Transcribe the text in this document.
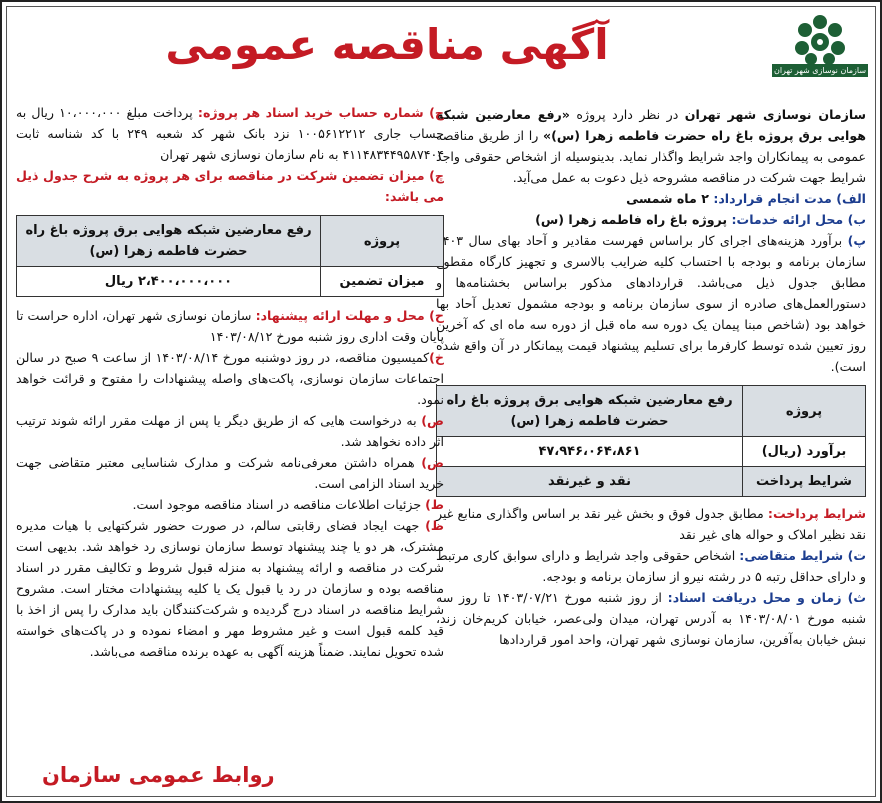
سازمان نوسازی شهر تهران
آگهی مناقصه عمومی

سازمان نوسازی شهر تهران در نظر دارد پروژه «رفع معارضین شبکه هوایی برق پروژه باغ راه حضرت فاطمه زهرا (س)» را از طریق مناقصه عمومی به پیمانکاران واجد شرایط واگذار نماید. بدینوسیله از اشخاص حقوقی واجد شرایط جهت شرکت در مناقصه مشروحه ذیل دعوت به عمل می‌آید.

الف) مدت انجام قرارداد: ۲ ماه شمسی

ب) محل ارائه خدمات: پروژه باغ راه فاطمه زهرا (س)

پ) برآورد هزینه‌های اجرای کار براساس فهرست مقادیر و آحاد بهای سال ۱۴۰۳ سازمان برنامه و بودجه با احتساب کلیه ضرایب بالاسری و تجهیز کارگاه مقطوع مطابق جدول ذیل می‌باشد. قراردادهای مذکور براساس بخشنامه‌ها و دستورالعمل‌های صادره از سوی سازمان برنامه و بودجه مشمول تعدیل آحاد بها خواهد بود (شاخص مبنا پیمان یک دوره سه ماه قبل از دوره سه ماه ای که آخرین روز تعیین شده توسط کارفرما برای تسلیم پیشنهاد قیمت پیمانکار در آن واقع شده است).

پروژه	رفع معارضین شبکه هوایی برق پروژه باغ راه حضرت فاطمه زهرا (س)
برآورد (ریال)	۴۷،۹۴۶،۰۶۴،۸۶۱
شرایط پرداخت	نقد و غیرنقد

شرایط پرداخت: مطابق جدول فوق و بخش غیر نقد بر اساس واگذاری منابع غیر نقد نظیر املاک و حواله های غیر نقد

ت) شرایط متقاضی: اشخاص حقوقی واجد شرایط و دارای سوابق کاری مرتبط و دارای حداقل رتبه ۵ در رشته نیرو از سازمان برنامه و بودجه.

ث) زمان و محل دریافت اسناد: از روز شنبه مورخ ۱۴۰۳/۰۷/۲۱ تا روز سه شنبه مورخ ۱۴۰۳/۰۸/۰۱ به آدرس تهران، میدان ولی‌عصر، خیابان کریم‌خان زند، نبش خیابان به‌آفرین، سازمان نوسازی شهر تهران، واحد امور قراردادها

ج) شماره حساب خرید اسناد هر پروژه: پرداخت مبلغ ۱۰،۰۰۰،۰۰۰ ریال به حساب جاری ۱۰۰۵۶۱۲۲۱۲ نزد بانک شهر کد شعبه ۲۴۹ با کد شناسه ثابت ۴۱۱۴۸۳۴۴۹۵۸۷۴۰۴ به نام سازمان نوسازی شهر تهران

چ) میزان تضمین شرکت در مناقصه برای هر پروژه به شرح جدول ذیل می باشد:

پروژه	رفع معارضین شبکه هوایی برق پروژه باغ راه حضرت فاطمه زهرا (س)
میزان تضمین	۲،۴۰۰،۰۰۰،۰۰۰ ریال

ح) محل و مهلت ارائه پیشنهاد: سازمان نوسازی شهر تهران، اداره حراست تا پایان وقت اداری روز شنبه مورخ ۱۴۰۳/۰۸/۱۲

خ)کمیسیون مناقصه، در روز دوشنبه مورخ ۱۴۰۳/۰۸/۱۴ از ساعت ۹ صبح در سالن اجتماعات سازمان نوسازی، پاکت‌های واصله پیشنهادات را مفتوح و قرائت خواهد نمود.

ص) به درخواست هایی که از طریق دیگر یا پس از مهلت مقرر ارائه شوند ترتیب اثر داده نخواهد شد.

ض) همراه داشتن معرفی‌نامه شرکت و مدارک شناسایی معتبر متقاضی جهت خرید اسناد الزامی است.

ط) جزئیات اطلاعات مناقصه در اسناد مناقصه موجود است.

ظ) جهت ایجاد فضای رقابتی سالم، در صورت حضور شرکتهایی با هیات مدیره مشترک، هر دو یا چند پیشنهاد توسط سازمان نوسازی رد خواهد شد. بدیهی است شرکت در مناقصه و ارائه پیشنهاد به منزله قبول شروط و تکالیف مقرر در اسناد مناقصه بوده و سازمان در رد یا قبول یک یا کلیه پیشنهادات مختار است. مشروح شرایط مناقصه در اسناد درج گردیده و شرکت‌کنندگان باید مدارک را پس از اخذ با قید کلمه قبول است و غیر مشروط مهر و امضاء نموده و در پاکت‌های خواسته شده تحویل نمایند. ضمناً هزینه آگهی به عهده برنده مناقصه می‌باشد.

روابط عمومی سازمان
